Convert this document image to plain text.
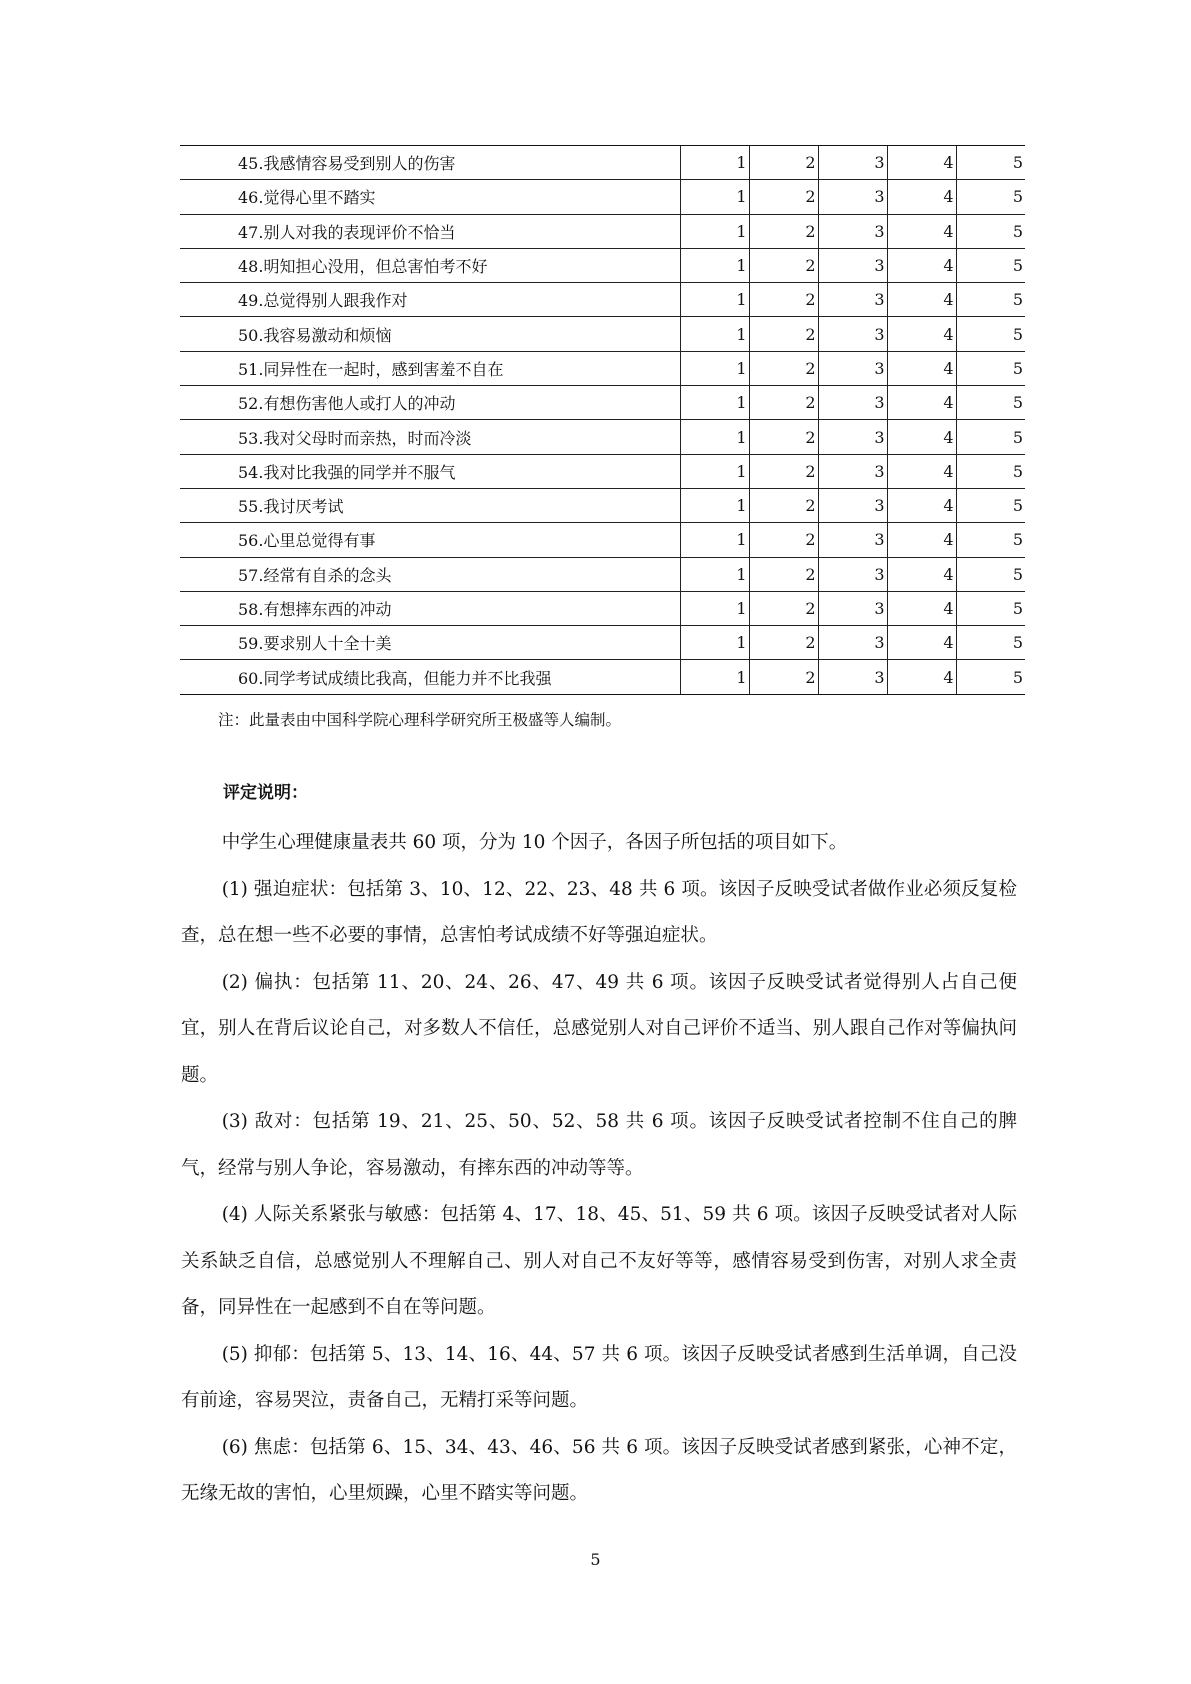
45.我感情容易受到别人的伤害	1	2	3	4	5
46.觉得心里不踏实	1	2	3	4	5
47.别人对我的表现评价不恰当	1	2	3	4	5
48.明知担心没用，但总害怕考不好	1	2	3	4	5
49.总觉得别人跟我作对	1	2	3	4	5
50.我容易激动和烦恼	1	2	3	4	5
51.同异性在一起时，感到害羞不自在	1	2	3	4	5
52.有想伤害他人或打人的冲动	1	2	3	4	5
53.我对父母时而亲热，时而冷淡	1	2	3	4	5
54.我对比我强的同学并不服气	1	2	3	4	5
55.我讨厌考试	1	2	3	4	5
56.心里总觉得有事	1	2	3	4	5
57.经常有自杀的念头	1	2	3	4	5
58.有想摔东西的冲动	1	2	3	4	5
59.要求别人十全十美	1	2	3	4	5
60.同学考试成绩比我高，但能力并不比我强	1	2	3	4	5
注：此量表由中国科学院心理科学研究所王极盛等人编制。
评定说明：

中学生心理健康量表共 60 项，分为 10 个因子，各因子所包括的项目如下。

(1) 强迫症状：包括第 3、10、12、22、23、48 共 6 项。该因子反映受试者做作业必须反复检查，总在想一些不必要的事情，总害怕考试成绩不好等强迫症状。

(2) 偏执：包括第 11、20、24、26、47、49 共 6 项。该因子反映受试者觉得别人占自己便宜，别人在背后议论自己，对多数人不信任，总感觉别人对自己评价不适当、别人跟自己作对等偏执问题。

(3) 敌对：包括第 19、21、25、50、52、58 共 6 项。该因子反映受试者控制不住自己的脾气，经常与别人争论，容易激动，有摔东西的冲动等等。

(4) 人际关系紧张与敏感：包括第 4、17、18、45、51、59 共 6 项。该因子反映受试者对人际关系缺乏自信，总感觉别人不理解自己、别人对自己不友好等等，感情容易受到伤害，对别人求全责备，同异性在一起感到不自在等问题。

(5) 抑郁：包括第 5、13、14、16、44、57 共 6 项。该因子反映受试者感到生活单调，自己没有前途，容易哭泣，责备自己，无精打采等问题。

(6) 焦虑：包括第 6、15、34、43、46、56 共 6 项。该因子反映受试者感到紧张，心神不定，无缘无故的害怕，心里烦躁，心里不踏实等问题。

5
